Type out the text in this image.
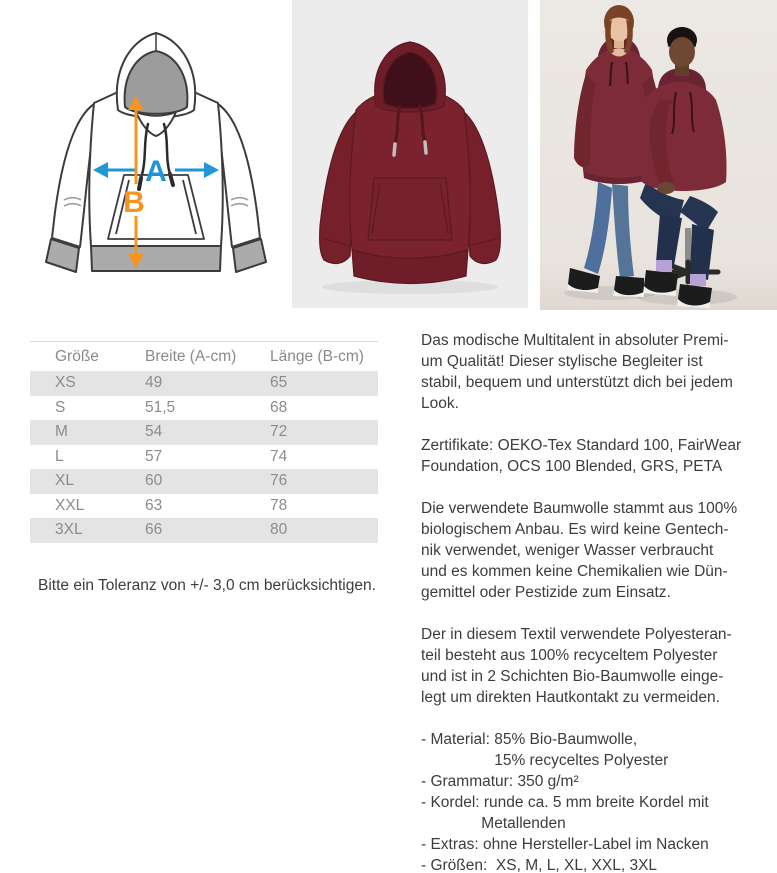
A
B
Größe	Breite (A-cm)	Länge (B-cm)
XS	49	65
S	51,5	68
M	54	72
L	57	74
XL	60	76
XXL	63	78
3XL	66	80
Bitte ein Toleranz von +/- 3,0 cm berücksichtigen.
Das modische Multitalent in absoluter Premi-
um Qualität! Dieser stylische Begleiter ist
stabil, bequem und unterstützt dich bei jedem
Look.
Zertifikate: OEKO-Tex Standard 100, FairWear
Foundation, OCS 100 Blended, GRS, PETA
Die verwendete Baumwolle stammt aus 100%
biologischem Anbau. Es wird keine Gentech-
nik verwendet, weniger Wasser verbraucht
und es kommen keine Chemikalien wie Dün-
gemittel oder Pestizide zum Einsatz.
Der in diesem Textil verwendete Polyesteran-
teil besteht aus 100% recyceltem Polyester
und ist in 2 Schichten Bio-Baumwolle einge-
legt um direkten Hautkontakt zu vermeiden.
- Material: 85% Bio-Baumwolle,
15% recyceltes Polyester
- Grammatur: 350 g/m²
- Kordel: runde ca. 5 mm breite Kordel mit
Metallenden
- Extras: ohne Hersteller-Label im Nacken
- Größen:  XS, M, L, XL, XXL, 3XL
